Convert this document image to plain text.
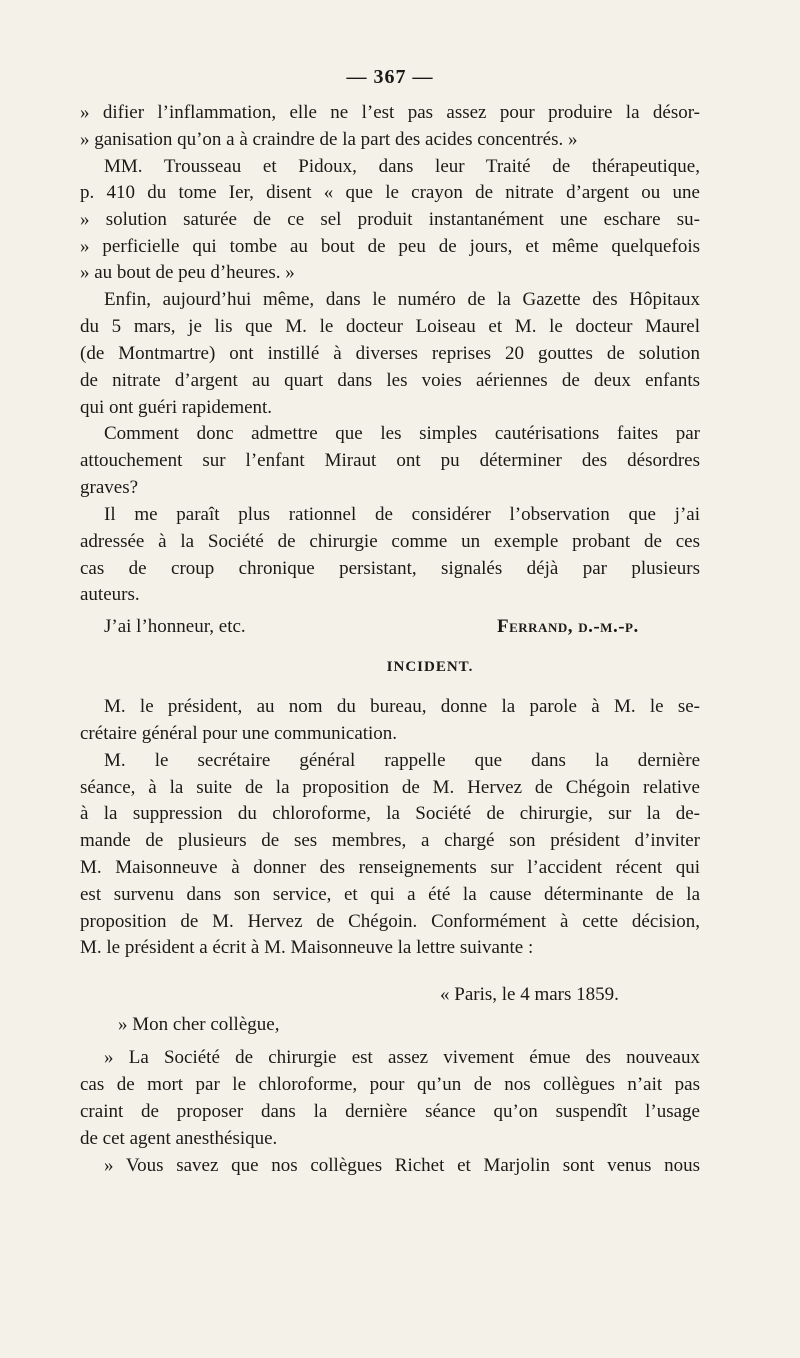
— 367 —
» difier l’inflammation, elle ne l’est pas assez pour produire la désor-
» ganisation qu’on a à craindre de la part des acides concentrés. »
MM. Trousseau et Pidoux, dans leur Traité de thérapeutique,
p. 410 du tome Ier, disent « que le crayon de nitrate d’argent ou une
» solution saturée de ce sel produit instantanément une eschare su-
» perficielle qui tombe au bout de peu de jours, et même quelquefois
» au bout de peu d’heures. »
Enfin, aujourd’hui même, dans le numéro de la Gazette des Hôpitaux
du 5 mars, je lis que M. le docteur Loiseau et M. le docteur Maurel
(de Montmartre) ont instillé à diverses reprises 20 gouttes de solution
de nitrate d’argent au quart dans les voies aériennes de deux enfants
qui ont guéri rapidement.
Comment donc admettre que les simples cautérisations faites par
attouchement sur l’enfant Miraut ont pu déterminer des désordres
graves?
Il me paraît plus rationnel de considérer l’observation que j’ai
adressée à la Société de chirurgie comme un exemple probant de ces
cas de croup chronique persistant, signalés déjà par plusieurs
auteurs.
J’ai l’honneur, etc.	Ferrand, d.-m.-p.
INCIDENT.
M. le président, au nom du bureau, donne la parole à M. le se-
crétaire général pour une communication.
M. le secrétaire général rappelle que dans la dernière
séance, à la suite de la proposition de M. Hervez de Chégoin relative
à la suppression du chloroforme, la Société de chirurgie, sur la de-
mande de plusieurs de ses membres, a chargé son président d’inviter
M. Maisonneuve à donner des renseignements sur l’accident récent qui
est survenu dans son service, et qui a été la cause déterminante de la
proposition de M. Hervez de Chégoin. Conformément à cette décision,
M. le président a écrit à M. Maisonneuve la lettre suivante :
« Paris, le 4 mars 1859.
» Mon cher collègue,
» La Société de chirurgie est assez vivement émue des nouveaux
cas de mort par le chloroforme, pour qu’un de nos collègues n’ait pas
craint de proposer dans la dernière séance qu’on suspendît l’usage
de cet agent anesthésique.
» Vous savez que nos collègues Richet et Marjolin sont venus nous
